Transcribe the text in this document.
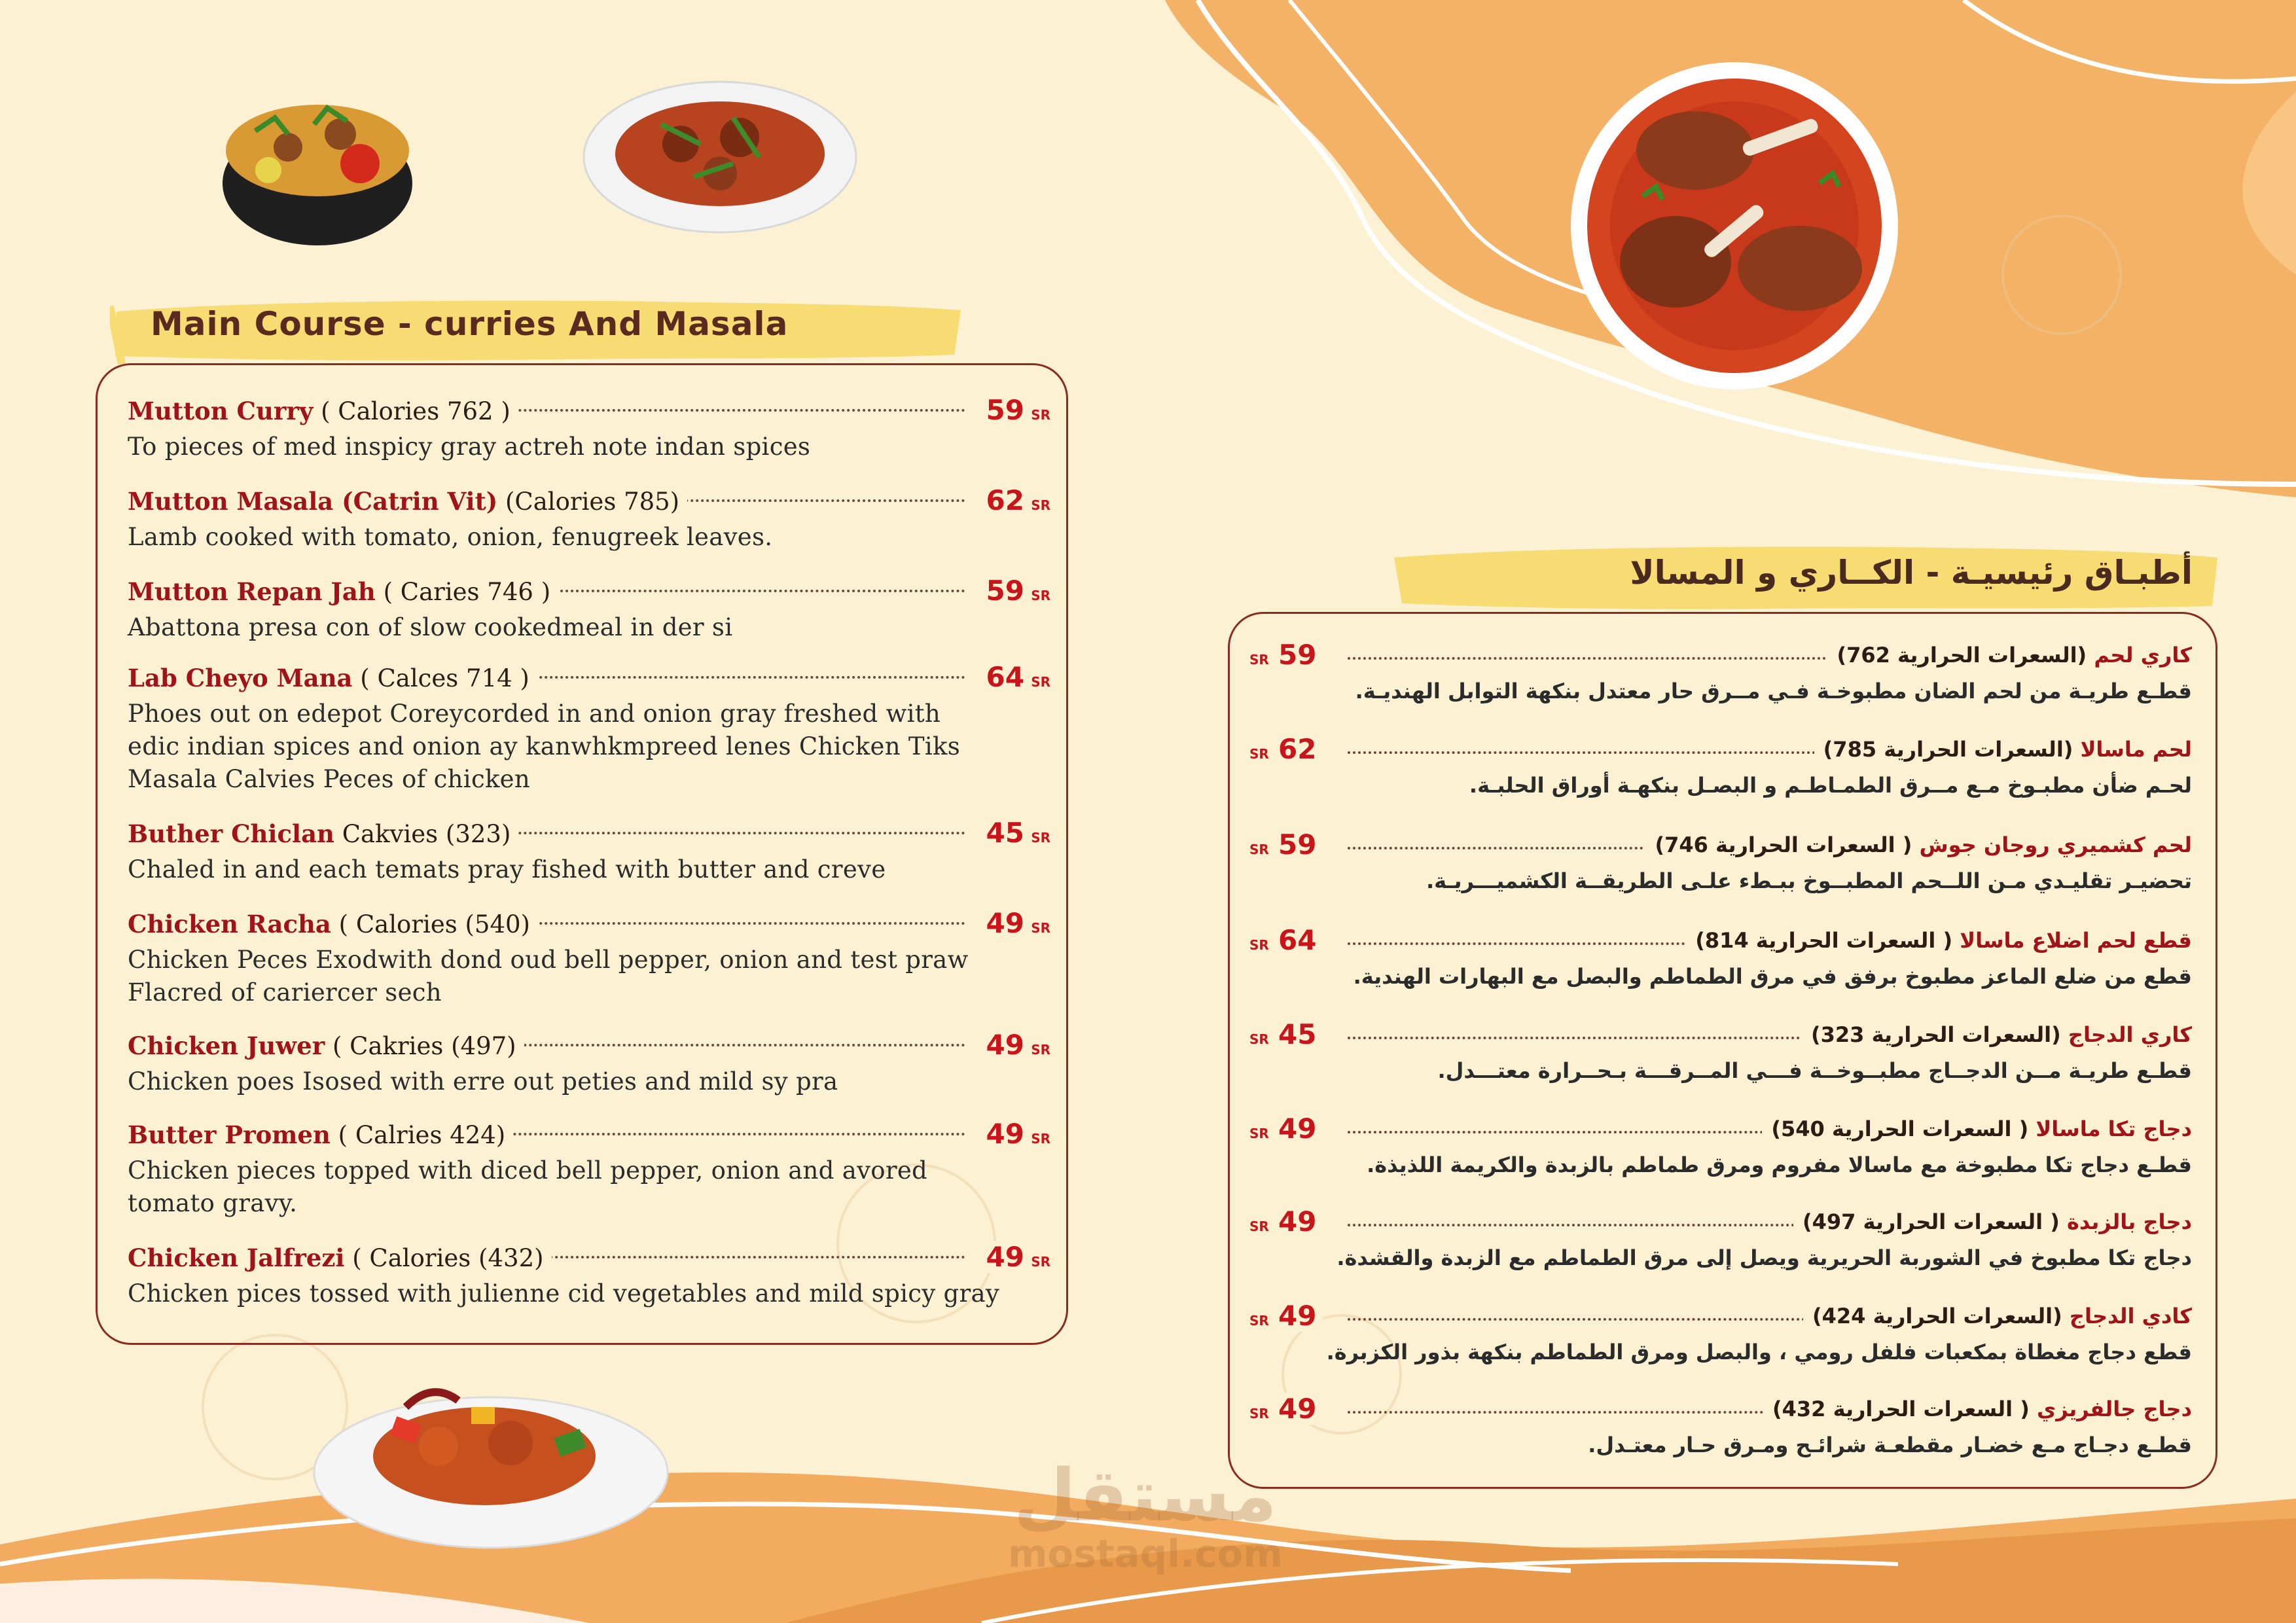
Main Course - curries And Masala
أطبـاق رئيسيـة - الكــاري و المسالا
Mutton Curry ( Calories 762 )	59 SR
To pieces of med inspicy gray actreh note indan spices
Mutton Masala (Catrin Vit) (Calories 785)	62 SR
Lamb cooked with tomato, onion, fenugreek leaves.
Mutton Repan Jah ( Caries 746 )	59 SR
Abattona presa con of slow cookedmeal in der si
Lab Cheyo Mana ( Calces 714 )	64 SR
Phoes out on edepot Coreycorded in and onion gray freshed with
edic indian spices and onion ay kanwhkmpreed lenes Chicken Tiks
Masala Calvies Peces of chicken
Buther Chiclan Cakvies (323)	45 SR
Chaled in and each temats pray fished with butter and creve
Chicken Racha ( Calories (540)	49 SR
Chicken Peces Exodwith dond oud bell pepper, onion and test praw
Flacred of cariercer sech
Chicken Juwer ( Cakries (497)	49 SR
Chicken poes Isosed with erre out peties and mild sy pra
Butter Promen ( Calries 424)	49 SR
Chicken pieces topped with diced bell pepper, onion and avored
tomato gravy.
Chicken Jalfrezi ( Calories (432)	49 SR
Chicken pices tossed with julienne cid vegetables and mild spicy gray
كاري لحم (السعرات الحرارية 762)
SR 59
قطـع طريـة من لحم الضان مطبوخـة فـي مــرق حار معتدل بنكهة التوابل الهنديـة.
لحم ماسالا (السعرات الحرارية 785)
SR 62
لحـم ضأن مطبـوخ مـع مــرق الطمـاطـم و البصـل بنكهـة أوراق الحلبـة.
لحم كشميري روجان جوش ( السعرات الحرارية 746)
SR 59
تحضيـر تقليـدي مـن اللــحم المطبــوخ ببـطء علـى الطريقــة الكشميـــريـة.
قطع لحم اضلاع ماسالا ( السعرات الحرارية 814)
SR 64
قطع من ضلع الماعز مطبوخ برفق في مرق الطماطم والبصل مع البهارات الهندية.
كاري الدجاج (السعرات الحرارية 323)
SR 45
قطـع طريـة مــن الدجــاج مطبــوخــة فـــي المــرقـــة بـحــرارة معتـــدل.
دجاج تكا ماسالا ( السعرات الحرارية 540)
SR 49
قطـع دجاج تكا مطبوخة مع ماسالا مفروم ومرق طماطم بالزبدة والكريمة اللذيذة.
دجاج بالزبدة ( السعرات الحرارية 497)
SR 49
دجاج تكا مطبوخ في الشوربة الحريرية ويصل إلى مرق الطماطم مع الزبدة والقشدة.
كادي الدجاج (السعرات الحرارية 424)
SR 49
قطع دجاج مغطاة بمكعبات فلفل رومي ، والبصل ومرق الطماطم بنكهة بذور الكزبرة.
دجاج جالفريزي ( السعرات الحرارية 432)
SR 49
قطـع دجـاج مـع خضـار مقطعـة شرائـح ومـرق حـار معتـدل.
مستقل
mostaql.com
